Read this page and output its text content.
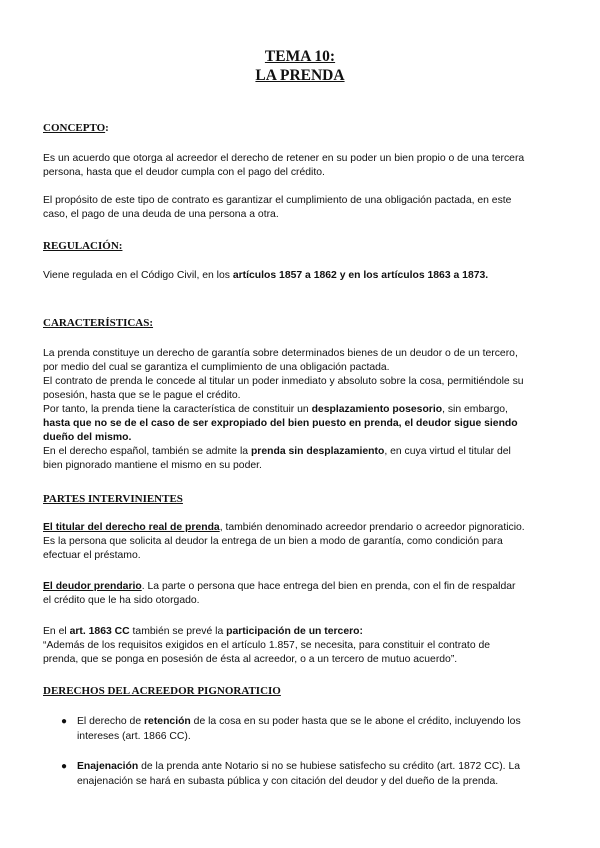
TEMA 10:
LA PRENDA
CONCEPTO:

Es un acuerdo que otorga al acreedor el derecho de retener en su poder un bien propio o de una tercera
persona, hasta que el deudor cumpla con el pago del crédito.

El propósito de este tipo de contrato es garantizar el cumplimiento de una obligación pactada, en este
caso, el pago de una deuda de una persona a otra.

REGULACIÓN:

Viene regulada en el Código Civil, en los artículos 1857 a 1862 y en los artículos 1863 a 1873.

CARACTERÍSTICAS:

La prenda constituye un derecho de garantía sobre determinados bienes de un deudor o de un tercero,
por medio del cual se garantiza el cumplimiento de una obligación pactada.
El contrato de prenda le concede al titular un poder inmediato y absoluto sobre la cosa, permitiéndole su
posesión, hasta que se le pague el crédito.
Por tanto, la prenda tiene la característica de constituir un desplazamiento posesorio, sin embargo,
hasta que no se de el caso de ser expropiado del bien puesto en prenda, el deudor sigue siendo
dueño del mismo.
En el derecho español, también se admite la prenda sin desplazamiento, en cuya virtud el titular del
bien pignorado mantiene el mismo en su poder.

PARTES INTERVINIENTES

El titular del derecho real de prenda, también denominado acreedor prendario o acreedor pignoraticio.
Es la persona que solicita al deudor la entrega de un bien a modo de garantía, como condición para
efectuar el préstamo.

El deudor prendario. La parte o persona que hace entrega del bien en prenda, con el fin de respaldar
el crédito que le ha sido otorgado.

En el art. 1863 CC también se prevé la participación de un tercero:
“Además de los requisitos exigidos en el artículo 1.857, se necesita, para constituir el contrato de
prenda, que se ponga en posesión de ésta al acreedor, o a un tercero de mutuo acuerdo”.

DERECHOS DEL ACREEDOR PIGNORATICIO
● El derecho de retención de la cosa en su poder hasta que se le abone el crédito, incluyendo los
intereses (art. 1866 CC).

● Enajenación de la prenda ante Notario si no se hubiese satisfecho su crédito (art. 1872 CC). La
enajenación se hará en subasta pública y con citación del deudor y del dueño de la prenda.
